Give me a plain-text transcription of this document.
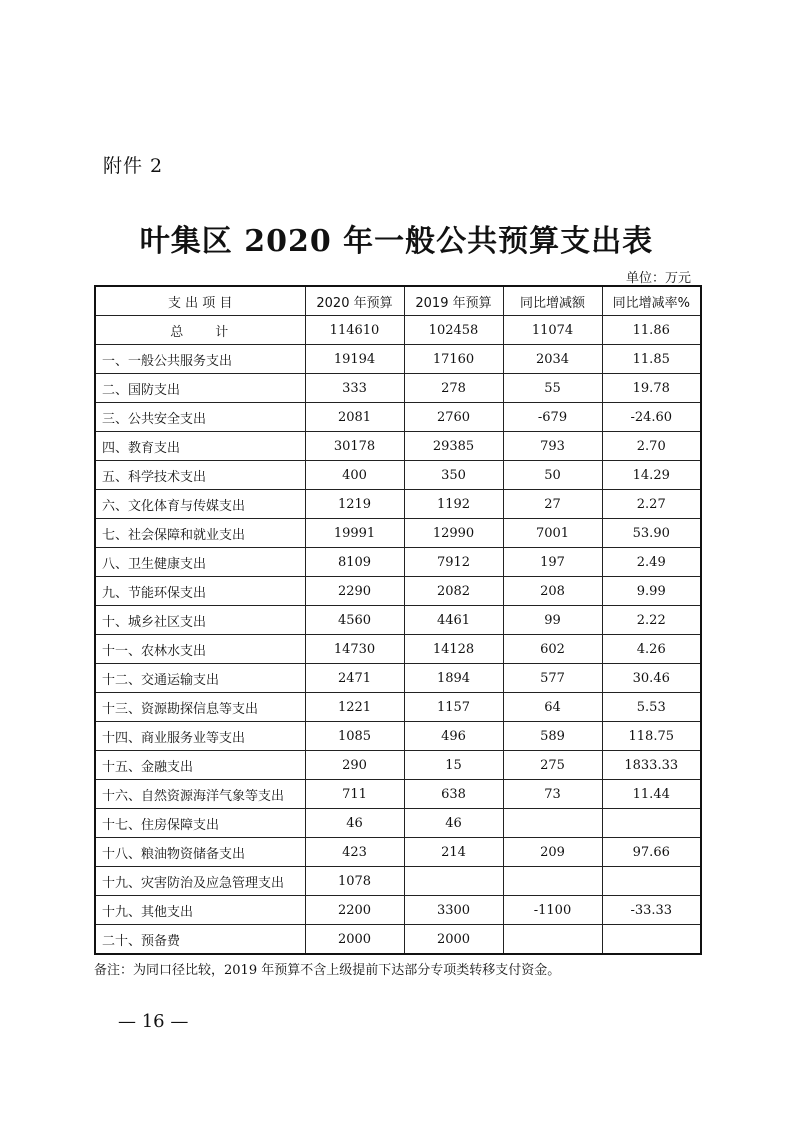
附件 2
叶集区 2020 年一般公共预算支出表
单位：万元
支 出 项 目	2020 年预算	2019 年预算	同比增减额	同比增减率%
总　　计	114610	102458	11074	11.86
一、一般公共服务支出	19194	17160	2034	11.85
二、国防支出	333	278	55	19.78
三、公共安全支出	2081	2760	-679	-24.60
四、教育支出	30178	29385	793	2.70
五、科学技术支出	400	350	50	14.29
六、文化体育与传媒支出	1219	1192	27	2.27
七、社会保障和就业支出	19991	12990	7001	53.90
八、卫生健康支出	8109	7912	197	2.49
九、节能环保支出	2290	2082	208	9.99
十、城乡社区支出	4560	4461	99	2.22
十一、农林水支出	14730	14128	602	4.26
十二、交通运输支出	2471	1894	577	30.46
十三、资源勘探信息等支出	1221	1157	64	5.53
十四、商业服务业等支出	1085	496	589	118.75
十五、金融支出	290	15	275	1833.33
十六、自然资源海洋气象等支出	711	638	73	11.44
十七、住房保障支出	46	46		
十八、粮油物资储备支出	423	214	209	97.66
十九、灾害防治及应急管理支出	1078			
十九、其他支出	2200	3300	-1100	-33.33
二十、预备费	2000	2000		
备注：为同口径比较，2019 年预算不含上级提前下达部分专项类转移支付资金。
— 16 —
